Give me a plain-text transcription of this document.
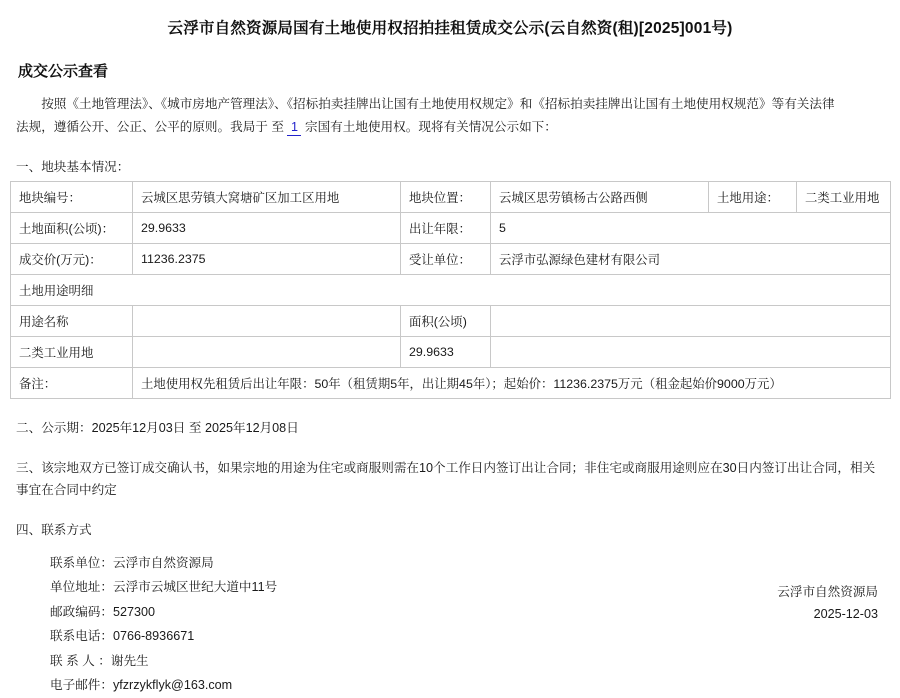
云浮市自然资源局国有土地使用权招拍挂租赁成交公示(云自然资(租)[2025]001号)
成交公示查看
按照《土地管理法》、《城市房地产管理法》、《招标拍卖挂牌出让国有土地使用权规定》和《招标拍卖挂牌出让国有土地使用权规范》等有关法律
法规，遵循公开、公正、公平的原则。我局于 至 1 宗国有土地使用权。现将有关情况公示如下：
一、地块基本情况：
地块编号：	云城区思劳镇大窝塘矿区加工区用地	地块位置：	云城区思劳镇杨古公路西侧	土地用途：	二类工业用地
土地面积(公顷)：	29.9633	出让年限：	5		
成交价(万元)：	11236.2375	受让单位：	云浮市弘源绿色建材有限公司		
土地用途明细					
用途名称		面积(公顷)			
二类工业用地		29.9633			
备注：	土地使用权先租赁后出让年限：50年（租赁期5年，出让期45年）；起始价：11236.2375万元（租金起始价9000万元）				
二、公示期：2025年12月03日 至 2025年12月08日
三、该宗地双方已签订成交确认书，如果宗地的用途为住宅或商服则需在10个工作日内签订出让合同；非住宅或商服用途则应在30日内签订出让合同，相关事宜在合同中约定
四、联系方式
联系单位：云浮市自然资源局
单位地址：云浮市云城区世纪大道中11号
邮政编码：527300
联系电话：0766-8936671
联 系 人 ：谢先生
电子邮件：yfzrzykflyk@163.com
云浮市自然资源局
2025-12-03
